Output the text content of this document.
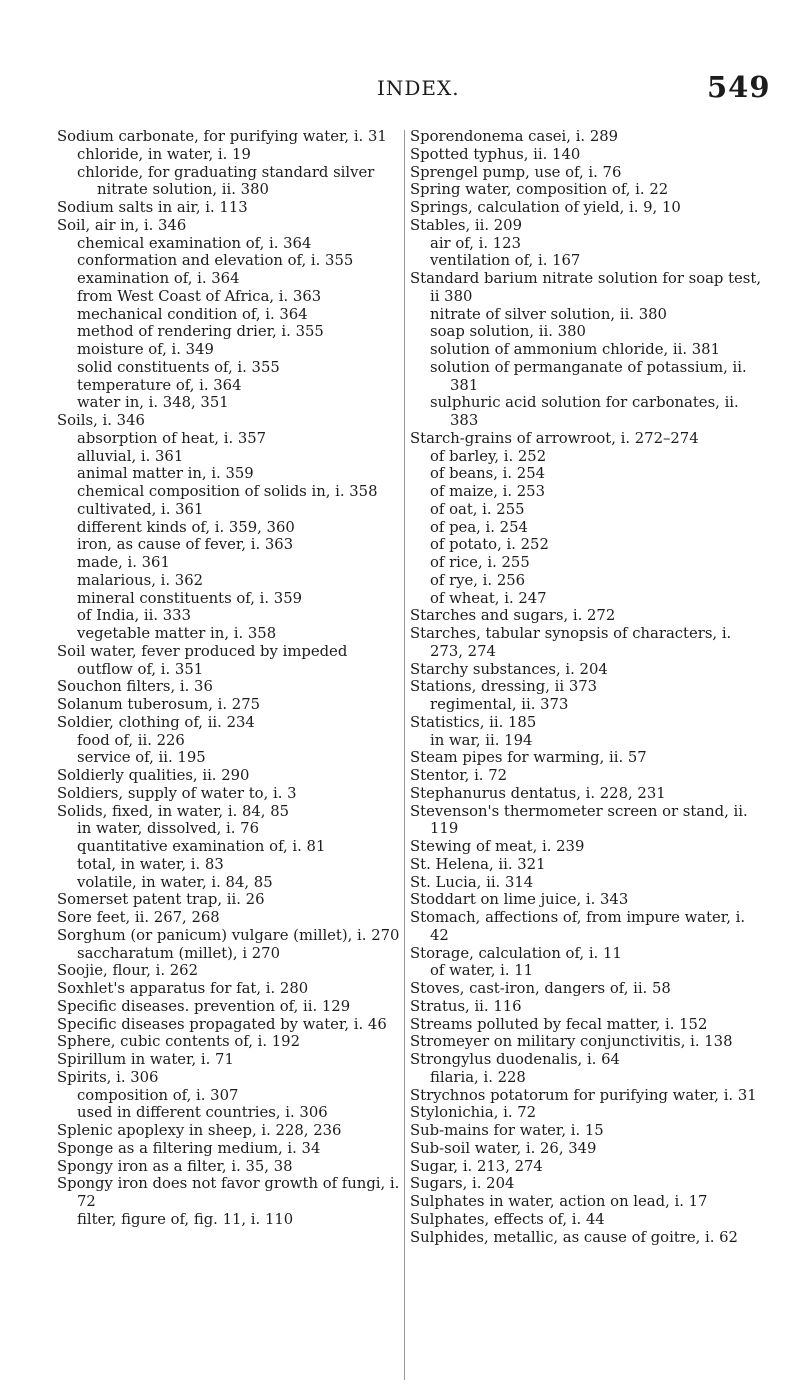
INDEX.	549

Sodium carbonate, for purifying water, i. 31

chloride, in water, i. 19

chloride, for graduating standard silver nitrate solution, ii. 380

Sodium salts in air, i. 113

Soil, air in, i. 346

chemical examination of, i. 364

conformation and elevation of, i. 355

examination of, i. 364

from West Coast of Africa, i. 363

mechanical condition of, i. 364

method of rendering drier, i. 355

moisture of, i. 349

solid constituents of, i. 355

temperature of, i. 364

water in, i. 348, 351

Soils, i. 346

absorption of heat, i. 357

alluvial, i. 361

animal matter in, i. 359

chemical composition of solids in, i. 358

cultivated, i. 361

different kinds of, i. 359, 360

iron, as cause of fever, i. 363

made, i. 361

malarious, i. 362

mineral constituents of, i. 359

of India, ii. 333

vegetable matter in, i. 358

Soil water, fever produced by impeded outflow of, i. 351

Souchon filters, i. 36

Solanum tuberosum, i. 275

Soldier, clothing of, ii. 234

food of, ii. 226

service of, ii. 195

Soldierly qualities, ii. 290

Soldiers, supply of water to, i. 3

Solids, fixed, in water, i. 84, 85

in water, dissolved, i. 76

quantitative examination of, i. 81

total, in water, i. 83

volatile, in water, i. 84, 85

Somerset patent trap, ii. 26

Sore feet, ii. 267, 268

Sorghum (or panicum) vulgare (millet), i. 270

saccharatum (millet), i 270

Soojie, flour, i. 262

Soxhlet's apparatus for fat, i. 280

Specific diseases. prevention of, ii. 129

Specific diseases propagated by water, i. 46

Sphere, cubic contents of, i. 192

Spirillum in water, i. 71

Spirits, i. 306

composition of, i. 307

used in different countries, i. 306

Splenic apoplexy in sheep, i. 228, 236

Sponge as a filtering medium, i. 34

Spongy iron as a filter, i. 35, 38

Spongy iron does not favor growth of fungi, i. 72

filter, figure of, fig. 11, i. 110

Sporendonema casei, i. 289

Spotted typhus, ii. 140

Sprengel pump, use of, i. 76

Spring water, composition of, i. 22

Springs, calculation of yield, i. 9, 10

Stables, ii. 209

air of, i. 123

ventilation of, i. 167

Standard barium nitrate solution for soap test, ii 380

nitrate of silver solution, ii. 380

soap solution, ii. 380

solution of ammonium chloride, ii. 381

solution of permanganate of potassium, ii. 381

sulphuric acid solution for carbonates, ii. 383

Starch-grains of arrowroot, i. 272–274

of barley, i. 252

of beans, i. 254

of maize, i. 253

of oat, i. 255

of pea, i. 254

of potato, i. 252

of rice, i. 255

of rye, i. 256

of wheat, i. 247

Starches and sugars, i. 272

Starches, tabular synopsis of characters, i. 273, 274

Starchy substances, i. 204

Stations, dressing, ii 373

regimental, ii. 373

Statistics, ii. 185

in war, ii. 194

Steam pipes for warming, ii. 57

Stentor, i. 72

Stephanurus dentatus, i. 228, 231

Stevenson's thermometer screen or stand, ii. 119

Stewing of meat, i. 239

St. Helena, ii. 321

St. Lucia, ii. 314

Stoddart on lime juice, i. 343

Stomach, affections of, from impure water, i. 42

Storage, calculation of, i. 11

of water, i. 11

Stoves, cast-iron, dangers of, ii. 58

Stratus, ii. 116

Streams polluted by fecal matter, i. 152

Stromeyer on military conjunctivitis, i. 138

Strongylus duodenalis, i. 64

filaria, i. 228

Strychnos potatorum for purifying water, i. 31

Stylonichia, i. 72

Sub-mains for water, i. 15

Sub-soil water, i. 26, 349

Sugar, i. 213, 274

Sugars, i. 204

Sulphates in water, action on lead, i. 17

Sulphates, effects of, i. 44

Sulphides, metallic, as cause of goitre, i. 62
